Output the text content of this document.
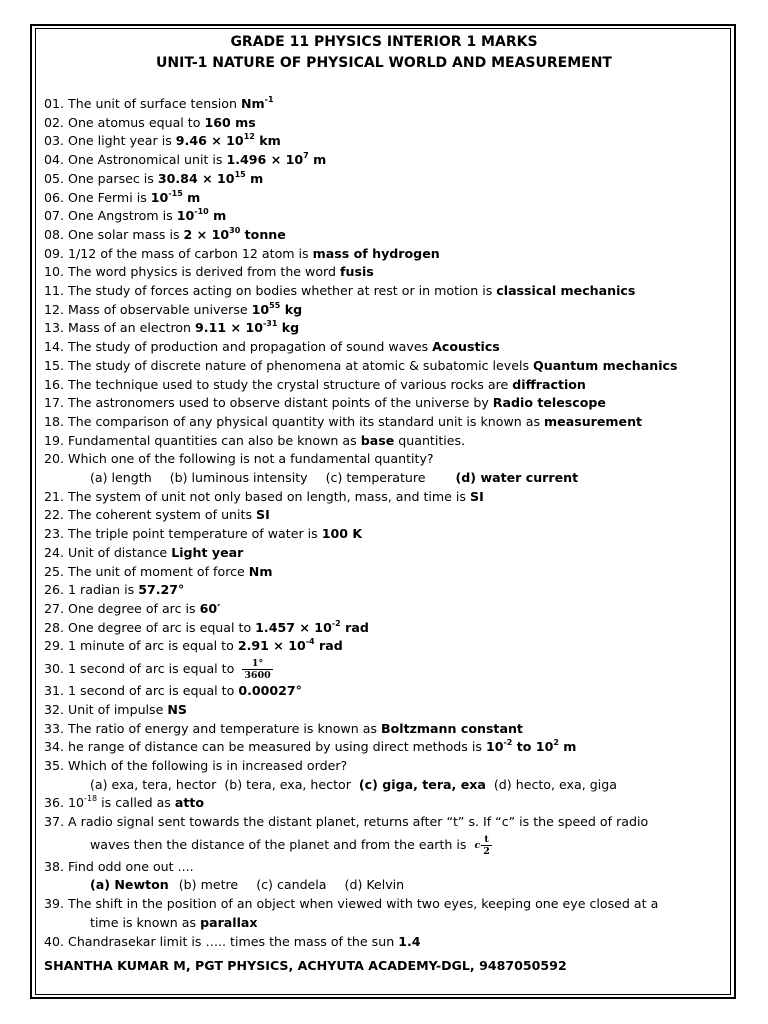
GRADE 11 PHYSICS INTERIOR 1 MARKS
UNIT-1 NATURE OF PHYSICAL WORLD AND MEASUREMENT
01. The unit of surface tension $Nm^{-1}$
02. One atomus equal to 160 ms
03. One light year is $9.46 \times 10^{12}$ km
04. One Astronomical unit is $1.496 \times 10^7$ m
05. One parsec is $30.84 \times 10^{15}$ m
06. One Fermi is $10^{-15}$ m
07. One Angstrom is $10^{-10}$ m
08. One solar mass is $2 \times 10^{30}$ tonne
09. 1/12 of the mass of carbon 12 atom is mass of hydrogen
10. The word physics is derived from the word fusis
11. The study of forces acting on bodies whether at rest or in motion is classical mechanics
12. Mass of observable universe $10^{55}$ kg
13. Mass of an electron $9.11 \times 10^{-31}$ kg
14. The study of production and propagation of sound waves Acoustics
15. The study of discrete nature of phenomena at atomic & subatomic levels Quantum mechanics
16. The technique used to study the crystal structure of various rocks are diffraction
17. The astronomers used to observe distant points of the universe by Radio telescope
18. The comparison of any physical quantity with its standard unit is known as measurement
19. Fundamental quantities can also be known as base quantities.
20. Which one of the following is not a fundamental quantity?
(a) length (b) luminous intensity (c) temperature (d) water current
21. The system of unit not only based on length, mass, and time is SI
22. The coherent system of units SI
23. The triple point temperature of water is 100 K
24. Unit of distance Light year
25. The unit of moment of force Nm
26. 1 radian is 57.27°
27. One degree of arc is 60′
28. One degree of arc is equal to $1.457 \times 10^{-2}$ rad
29. 1 minute of arc is equal to $2.91 \times 10^{-4}$ rad
30. 1 second of arc is equal to $\frac{1^\circ}{3600}$
31. 1 second of arc is equal to 0.00027°
32. Unit of impulse NS
33. The ratio of energy and temperature is known as Boltzmann constant
34. he range of distance can be measured by using direct methods is $10^{-2}$ to $10^2$ m
35. Which of the following is in increased order?
(a) exa, tera, hector (b) tera, exa, hector (c) giga, tera, exa (d) hecto, exa, giga
36. $10^{-18}$ is called as atto
37. A radio signal sent towards the distant planet, returns after “t” s. If “c” is the speed of radio
waves then the distance of the planet and from the earth is c $\frac{t}{2}$
38. Find odd one out ....
(a) Newton (b) metre (c) candela (d) Kelvin
39. The shift in the position of an object when viewed with two eyes, keeping one eye closed at a
time is known as parallax
40. Chandrasekar limit is ….. times the mass of the sun 1.4
SHANTHA KUMAR M, PGT PHYSICS, ACHYUTA ACADEMY-DGL, 9487050592
